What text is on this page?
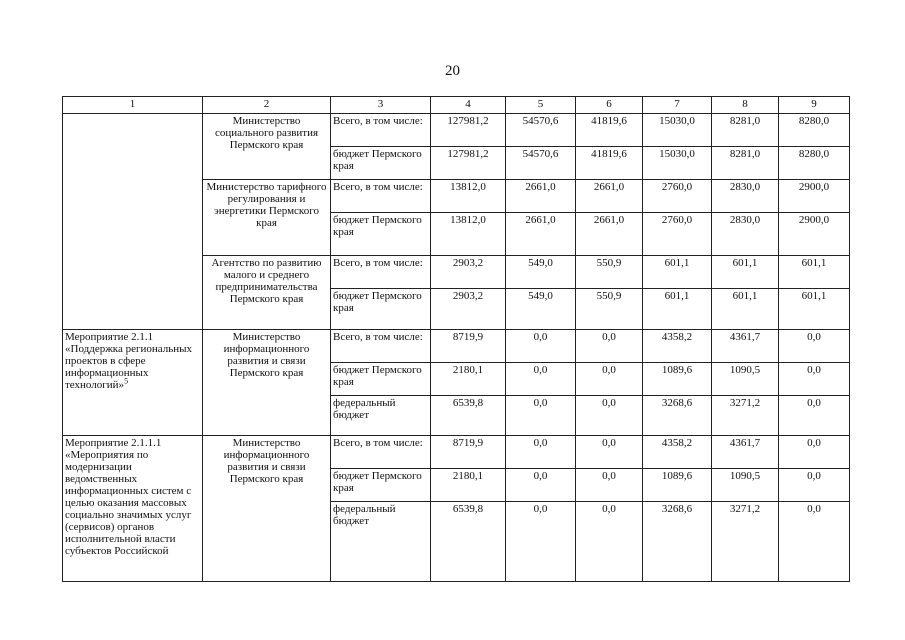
20
1	2	3	4	5	6	7	8	9
	Министерство социального развития Пермского края	Всего, в том числе:	127981,2	54570,6	41819,6	15030,0	8281,0	8280,0
		бюджет Пермского края	127981,2	54570,6	41819,6	15030,0	8281,0	8280,0
	Министерство тарифного регулирования и энергетики Пермского края	Всего, в том числе:	13812,0	2661,0	2661,0	2760,0	2830,0	2900,0
		бюджет Пермского края	13812,0	2661,0	2661,0	2760,0	2830,0	2900,0
	Агентство по развитию малого и среднего предпринимательства Пермского края	Всего, в том числе:	2903,2	549,0	550,9	601,1	601,1	601,1
		бюджет Пермского края	2903,2	549,0	550,9	601,1	601,1	601,1
Мероприятие 2.1.1 «Поддержка региональных проектов в сфере информационных технологий»$^5$	Министерство информационного развития и связи Пермского края	Всего, в том числе:	8719,9	0,0	0,0	4358,2	4361,7	0,0
		бюджет Пермского края	2180,1	0,0	0,0	1089,6	1090,5	0,0
		федеральный бюджет	6539,8	0,0	0,0	3268,6	3271,2	0,0
Мероприятие 2.1.1.1 «Мероприятия по модернизации ведомственных информационных систем с целью оказания массовых социально значимых услуг (сервисов) органов исполнительной власти субъектов Российской	Министерство информационного развития и связи Пермского края	Всего, в том числе:	8719,9	0,0	0,0	4358,2	4361,7	0,0
		бюджет Пермского края	2180,1	0,0	0,0	1089,6	1090,5	0,0
		федеральный бюджет	6539,8	0,0	0,0	3268,6	3271,2	0,0
